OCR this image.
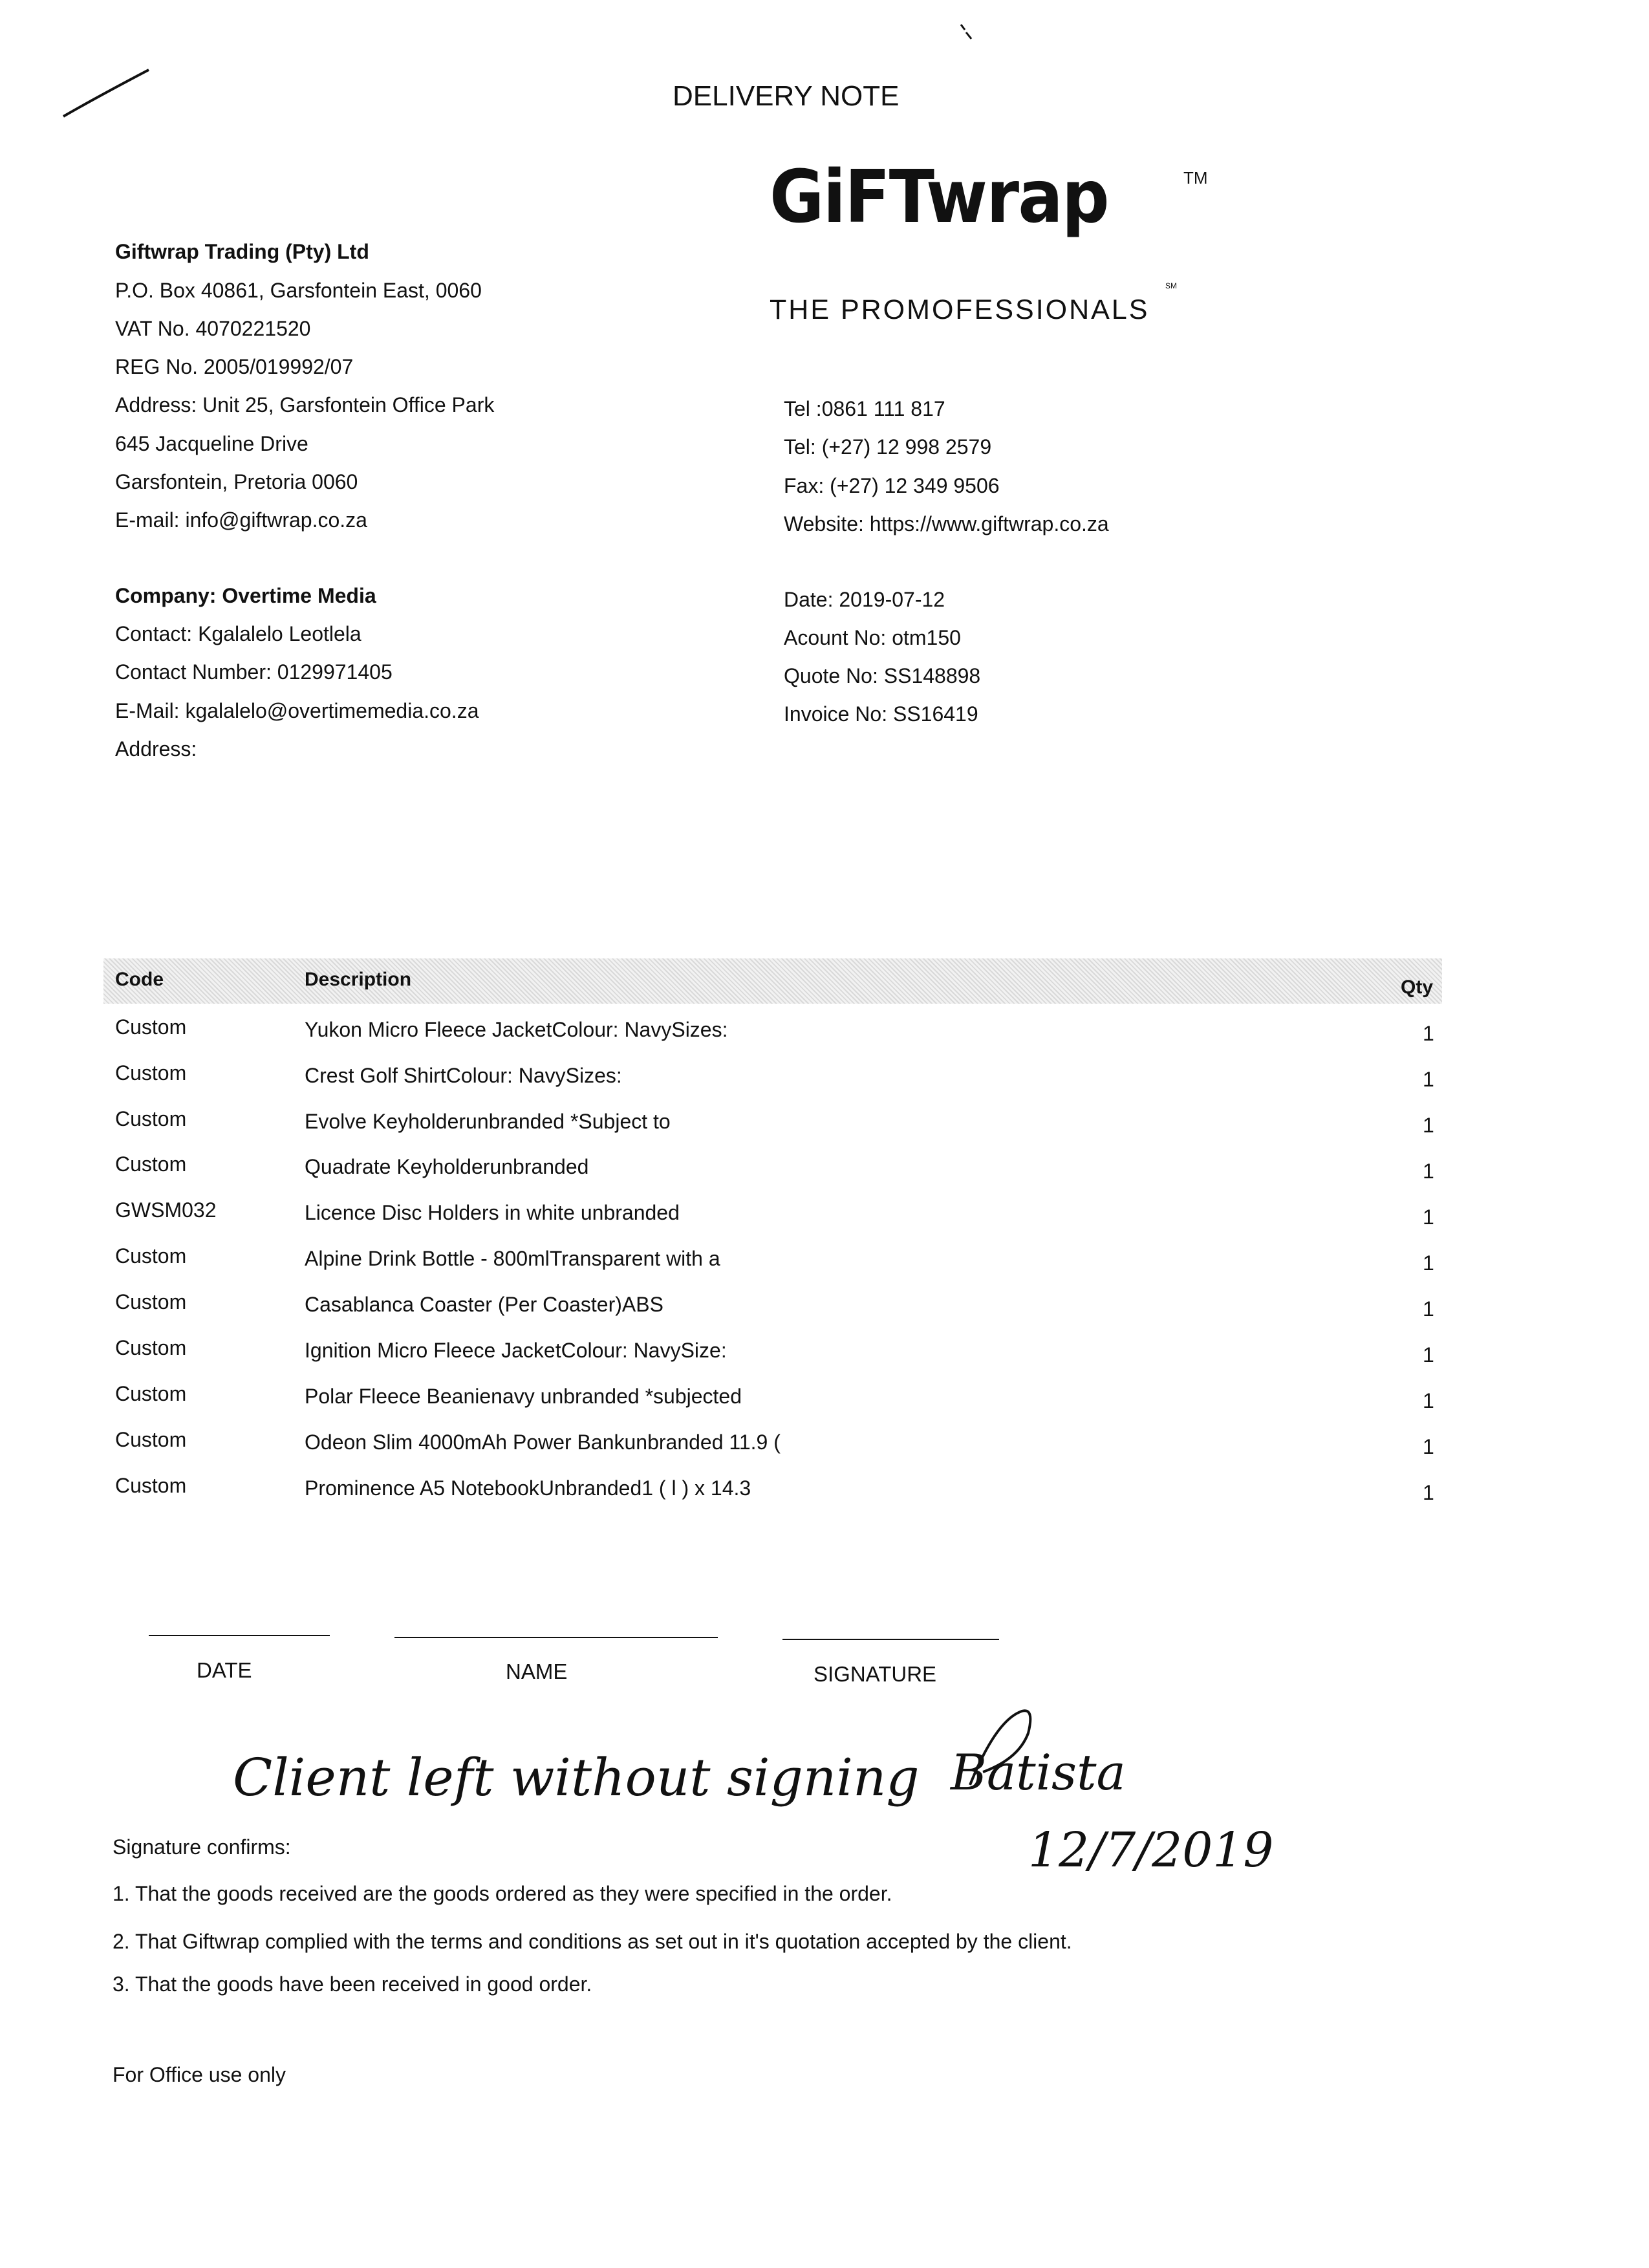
DELIVERY NOTE
GiFTwrap	TM
THE PROMOFESSIONALS
SM
Giftwrap Trading (Pty) Ltd
P.O. Box 40861, Garsfontein East, 0060
VAT No. 4070221520
REG No. 2005/019992/07
Address: Unit 25, Garsfontein Office Park
645 Jacqueline Drive
Garsfontein, Pretoria 0060
E-mail: info@giftwrap.co.za
Tel :0861 111 817
Tel: (+27) 12 998 2579
Fax: (+27) 12 349 9506
Website: https://www.giftwrap.co.za
Company: Overtime Media
Contact: Kgalalelo Leotlela
Contact Number: 0129971405
E-Mail: kgalalelo@overtimemedia.co.za
Address:
Date: 2019-07-12
Acount No: otm150
Quote No: SS148898
Invoice No: SS16419
Code	Description	Qty
Custom	Yukon Micro Fleece JacketColour: NavySizes:	1
Custom	Crest Golf ShirtColour: NavySizes:	1
Custom	Evolve Keyholderunbranded *Subject to	1
Custom	Quadrate Keyholderunbranded	1
GWSM032	Licence Disc Holders in white unbranded	1
Custom	Alpine Drink Bottle - 800mlTransparent with a	1
Custom	Casablanca Coaster (Per Coaster)ABS	1
Custom	Ignition Micro Fleece JacketColour: NavySize:	1
Custom	Polar Fleece Beanienavy unbranded *subjected	1
Custom	Odeon Slim 4000mAh Power Bankunbranded 11.9 (	1
Custom	Prominence A5 NotebookUnbranded1 ( l ) x 14.3	1
DATE	NAME	SIGNATURE
Client left without signing Batista
12/7/2019
Signature confirms:
1. That the goods received are the goods ordered as they were specified in the order.
2. That Giftwrap complied with the terms and conditions as set out in it's quotation accepted by the client.
3. That the goods have been received in good order.
For Office use only
